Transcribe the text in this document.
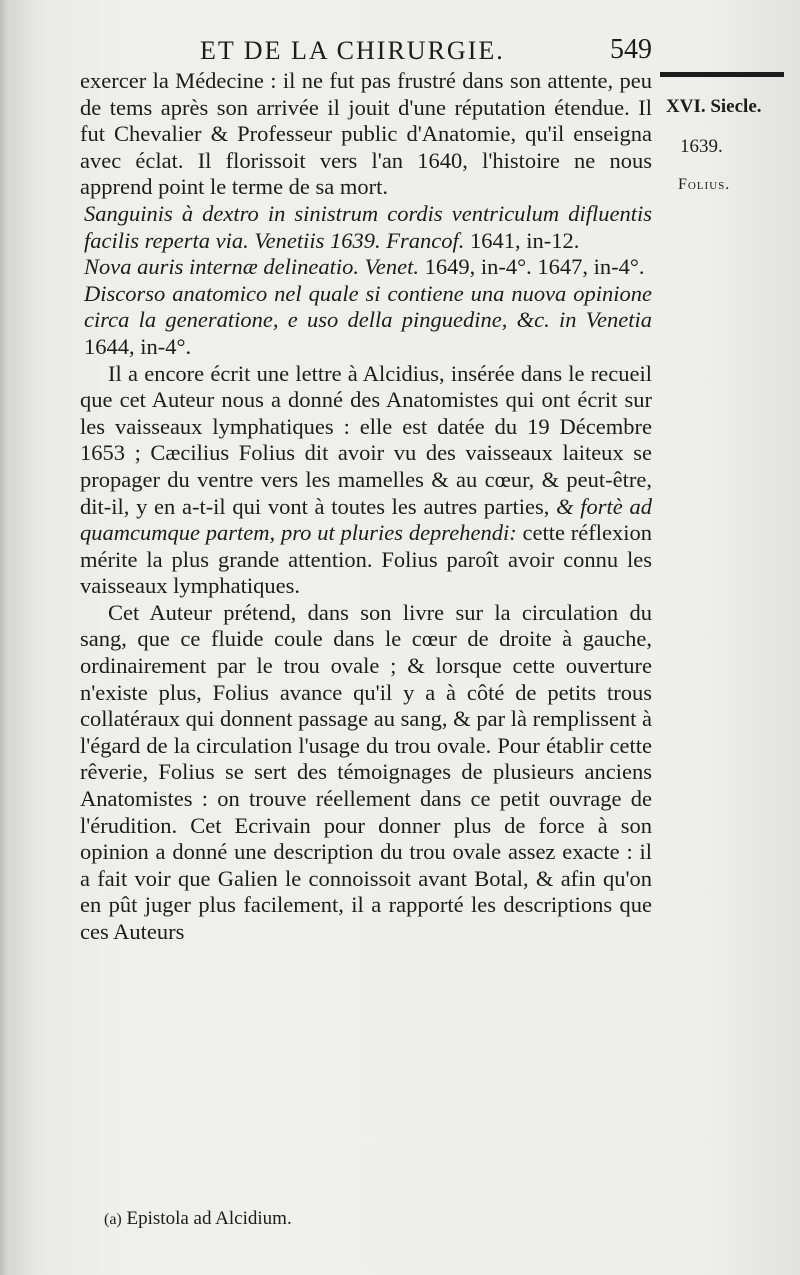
ET DE LA CHIRURGIE.	549
XVI. Siecle.
1639.
Folius.

exercer la Médecine : il ne fut pas frustré dans son attente, peu de tems après son arrivée il jouit d'une réputation étendue. Il fut Chevalier & Professeur public d'Anatomie, qu'il enseigna avec éclat. Il florissoit vers l'an 1640, l'histoire ne nous apprend point le terme de sa mort.

Sanguinis à dextro in sinistrum cordis ventriculum difluentis facilis reperta via. Venetiis 1639. Francof. 1641, in-12.

Nova auris internæ delineatio. Venet. 1649, in-4°. 1647, in-4°.

Discorso anatomico nel quale si contiene una nuova opinione circa la generatione, e uso della pinguedine, &c. in Venetia 1644, in-4°.

Il a encore écrit une lettre à Alcidius, insérée dans le recueil que cet Auteur nous a donné des Anatomistes qui ont écrit sur les vaisseaux lymphatiques : elle est datée du 19 Décembre 1653 ; Cæcilius Folius dit avoir vu des vaisseaux laiteux se propager du ventre vers les mamelles & au cœur, & peut-être, dit-il, y en a-t-il qui vont à toutes les autres parties, & fortè ad quamcumque partem, pro ut pluries deprehendi: cette réflexion mérite la plus grande attention. Folius paroît avoir connu les vaisseaux lymphatiques.

Cet Auteur prétend, dans son livre sur la circulation du sang, que ce fluide coule dans le cœur de droite à gauche, ordinairement par le trou ovale ; & lorsque cette ouverture n'existe plus, Folius avance qu'il y a à côté de petits trous collatéraux qui donnent passage au sang, & par là remplissent à l'égard de la circulation l'usage du trou ovale. Pour établir cette rêverie, Folius se sert des témoignages de plusieurs anciens Anatomistes : on trouve réellement dans ce petit ouvrage de l'érudition. Cet Ecrivain pour donner plus de force à son opinion a donné une description du trou ovale assez exacte : il a fait voir que Galien le connoissoit avant Botal, & afin qu'on en pût juger plus facilement, il a rapporté les descriptions que ces Auteurs

(a) Epistola ad Alcidium.
